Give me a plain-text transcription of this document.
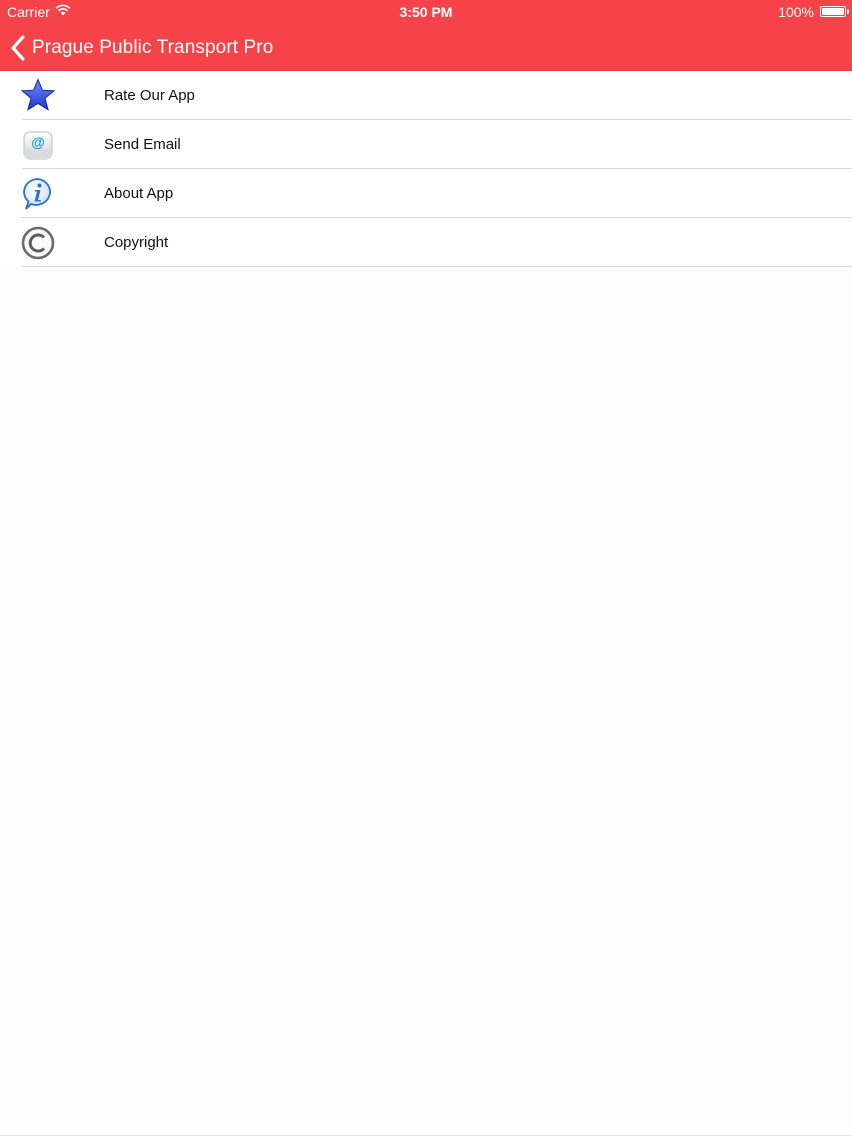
Carrier	3:50 PM	100%
Prague Public Transport Pro
Rate Our App
@	Send Email
About App
Copyright
